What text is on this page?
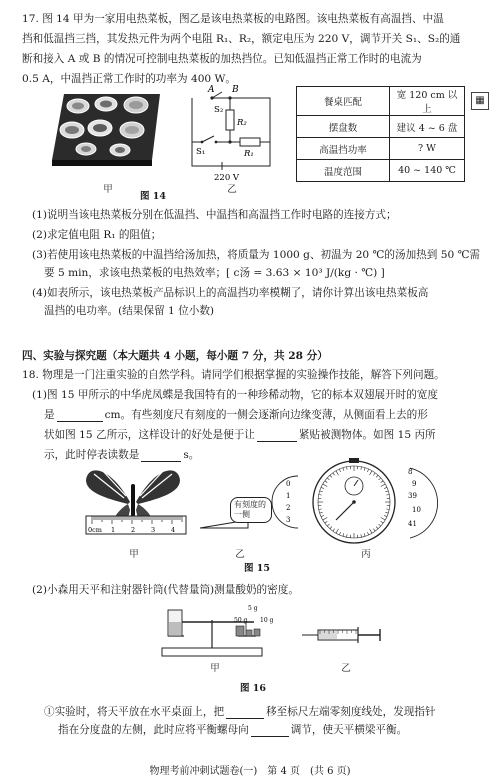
17. 图 14 甲为一家用电热菜板，图乙是该电热菜板的电路图。该电热菜板有高温挡、中温
挡和低温挡三挡，其发热元件为两个电阻 R₁、R₂，额定电压为 220 V，调节开关 S₁、S₂的通
断和接入 A 或 B 的情况可控制电热菜板的加热挡位。已知低温挡正常工作时的电流为
0.5 A，中温挡正常工作时的功率为 400 W。
甲
A B
R₂
R₁
S₁
S₂
220 V
乙
图 14
餐桌匹配	宽 120 cm 以上
摆盘数	建议 4 ~ 6 盘
高温挡功率	? W
温度范围	40 ~ 140 ℃
▦
(1)说明当该电热菜板分别在低温挡、中温挡和高温挡工作时电路的连接方式；
(2)求定值电阻 R₁ 的阻值；
(3)若使用该电热菜板的中温挡给汤加热，将质量为 1000 g、初温为 20 ℃的汤加热到 50 ℃需
要 5 min，求该电热菜板的电热效率；[ c汤 = 3.63 × 10³ J/(kg · ℃) ]
(4)如表所示，该电热菜板产品标识上的高温挡功率模糊了，请你计算出该电热菜板高
温挡的电功率。(结果保留 1 位小数)
四、实验与探究题（本大题共 4 小题，每小题 7 分，共 28 分）
18. 物理是一门注重实验的自然学科。请同学们根据掌握的实验操作技能，解答下列问题。
(1)图 15 甲所示的中华虎凤蝶是我国特有的一种珍稀动物，它的标本双翅展开时的宽度
是	cm。有些刻度尺有刻度的一侧会逐渐向边缘变薄，从侧面看上去的形
状如图 15 乙所示，这样设计的好处是便于让	紧贴被测物体。如图 15 丙所
示，此时停表读数是	s。
0cm 1 2 3 4
甲
有刻度的一侧
乙
0
1
2
3
8
9
39
10
41
丙
图 15
(2)小森用天平和注射器针筒(代替量筒)测量酸奶的密度。
50 g
5 g
10 g
甲	乙
图 16
①实验时，将天平放在水平桌面上，把	移至标尺左端零刻度线处，发现指针
指在分度盘的左侧，此时应将平衡螺母向	调节，使天平横梁平衡。
物理考前冲刺试题卷(一)　第 4 页　(共 6 页)
